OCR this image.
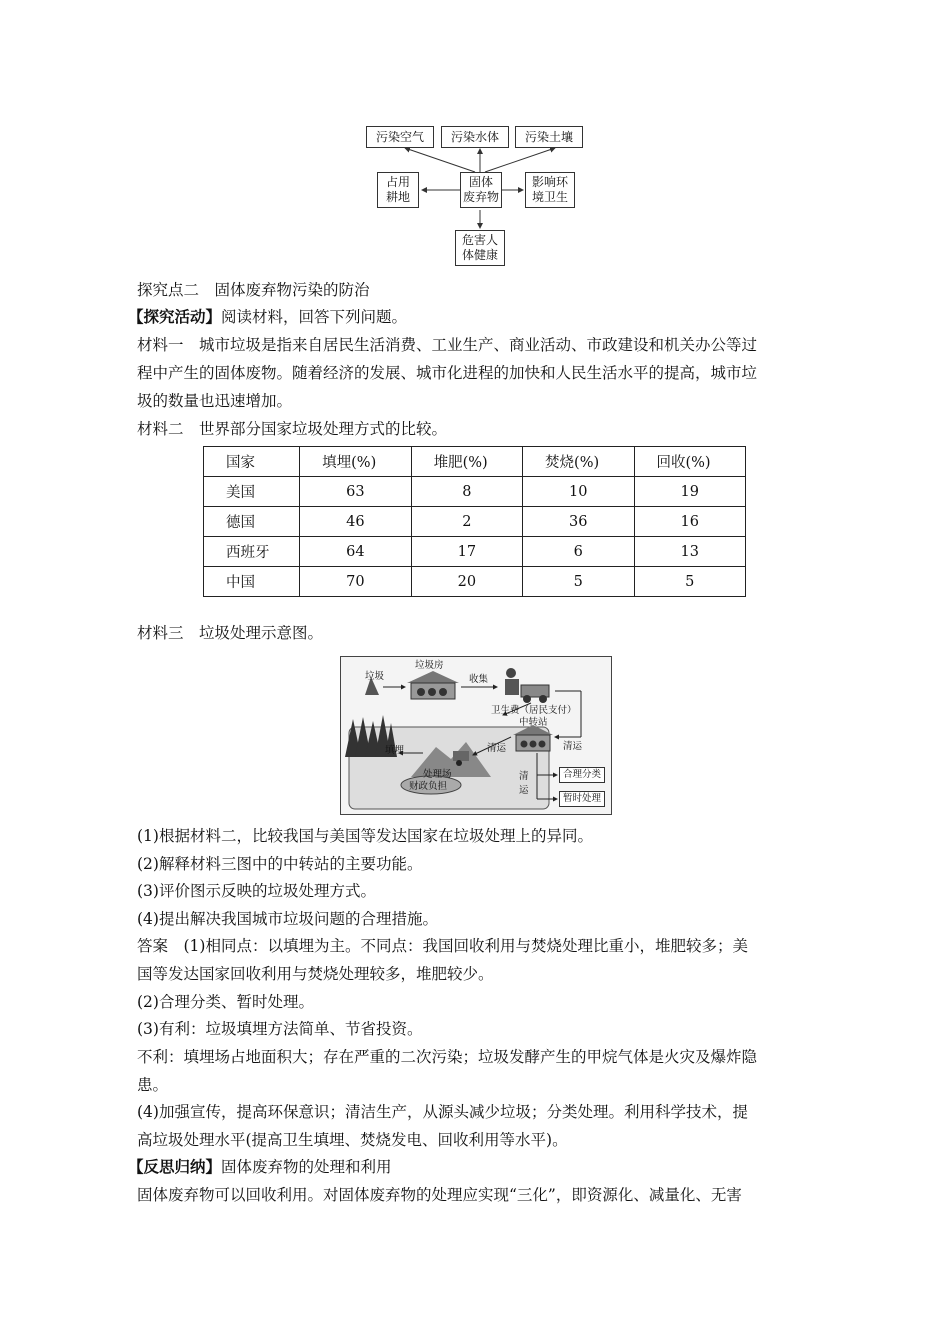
污染空气 污染水体 污染土壤
固体
废弃物
占用
耕地
影响环
境卫生
危害人
体健康
探究点二　固体废弃物污染的防治
【探究活动】阅读材料，回答下列问题。
材料一　城市垃圾是指来自居民生活消费、工业生产、商业活动、市政建设和机关办公等过
程中产生的固体废物。随着经济的发展、城市化进程的加快和人民生活水平的提高，城市垃
圾的数量也迅速增加。
材料二　世界部分国家垃圾处理方式的比较。
国家	填埋(%)	堆肥(%)	焚烧(%)	回收(%)
美国	63	8	10	19
德国	46	2	36	16
西班牙	64	17	6	13
中国	70	20	5	5
材料三　垃圾处理示意图。
垃圾
垃圾房
收集
卫生费（居民支付）
清运	清运
中转站
填埋
处理场
财政负担
清
运
合理分类
暂时处理
(1)根据材料二，比较我国与美国等发达国家在垃圾处理上的异同。
(2)解释材料三图中的中转站的主要功能。
(3)评价图示反映的垃圾处理方式。
(4)提出解决我国城市垃圾问题的合理措施。
答案　(1)相同点：以填埋为主。不同点：我国回收利用与焚烧处理比重小，堆肥较多；美
国等发达国家回收利用与焚烧处理较多，堆肥较少。
(2)合理分类、暂时处理。
(3)有利：垃圾填埋方法简单、节省投资。
不利：填埋场占地面积大；存在严重的二次污染；垃圾发酵产生的甲烷气体是火灾及爆炸隐
患。
(4)加强宣传，提高环保意识；清洁生产，从源头减少垃圾；分类处理。利用科学技术，提
高垃圾处理水平(提高卫生填埋、焚烧发电、回收利用等水平)。
【反思归纳】固体废弃物的处理和利用
固体废弃物可以回收利用。对固体废弃物的处理应实现“三化”，即资源化、减量化、无害
